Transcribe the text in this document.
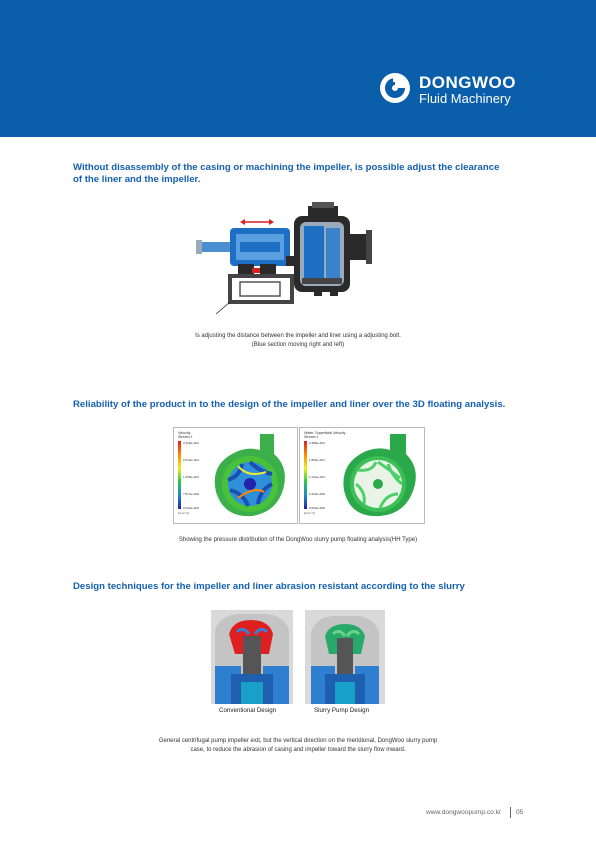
DONGWOO
Fluid Machinery
Without disassembly of the casing or machining the impeller, is possible adjust the clearance
of the liner and the impeller.
Is adjusting the distance between the impeller and liner using a adjusting bolt.
(Blue section moving right and left)
Reliability of the product in to the design of the impeller and liner over the 3D floating analysis.
Velocity
Stream 1
3.318e+001
2.512e+001
1.658e+001
7.874e+000
0.000e+000
[m s^-1]
Water. Superficial Velocity
Stream 1
2.488e+001
1.866e+001
1.244e+001
6.220e+000
0.000e+000
[m s^-1]
Showing the pressure distribution of the DongWoo slurry pump floating analysis(HH Type)
Design techniques for the impeller and liner abrasion resistant according to the slurry
Conventional Design	Slurry Pump Design
General centrifugal pump impeller exit, but the vertical direction on the meridional, DongWoo slurry pump
case, to reduce the abrasion of casing and impeller toward the slurry flow inward.
www.dongwoopump.co.kr 05
